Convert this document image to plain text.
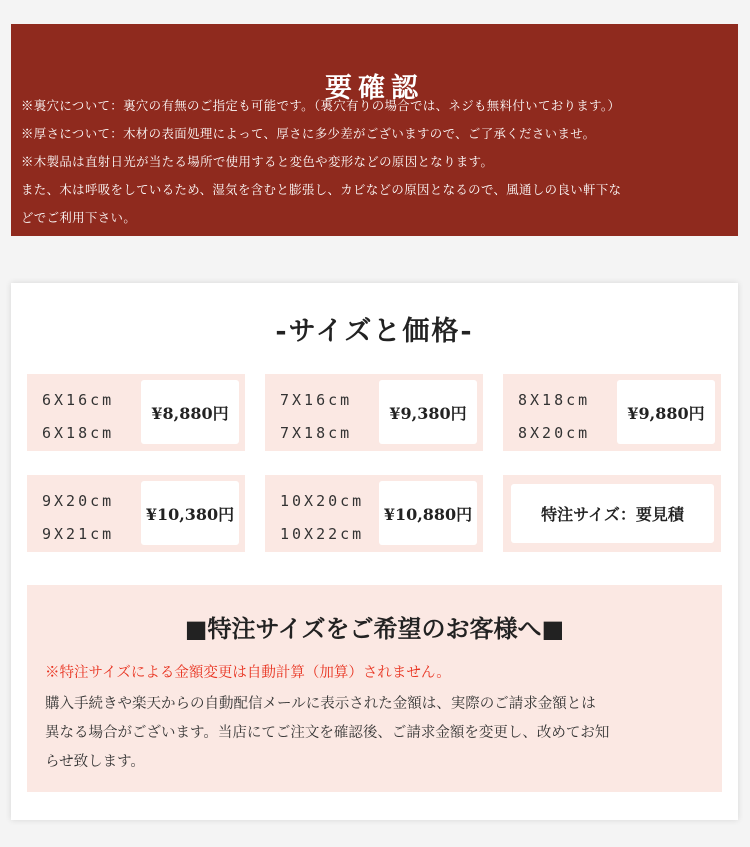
要確認
※裏穴について：裏穴の有無のご指定も可能です。（裏穴有りの場合では、ネジも無料付いております。）
※厚さについて：木材の表面処理によって、厚さに多少差がございますので、ご了承くださいませ。
※木製品は直射日光が当たる場所で使用すると変色や変形などの原因となります。
また、木は呼吸をしているため、湿気を含むと膨張し、カビなどの原因となるので、風通しの良い軒下な
どでご利用下さい。
-サイズと価格-
6X16cm
6X18cm
¥8,880円
7X16cm
7X18cm
¥9,380円
8X18cm
8X20cm
¥9,880円
9X20cm
9X21cm
¥10,380円
10X20cm
10X22cm
¥10,880円	特注サイズ：要見積
■特注サイズをご希望のお客様へ■
※特注サイズによる金額変更は自動計算（加算）されません。
購入手続きや楽天からの自動配信メールに表示された金額は、実際のご請求金額とは
異なる場合がございます。当店にてご注文を確認後、ご請求金額を変更し、改めてお知
らせ致します。
